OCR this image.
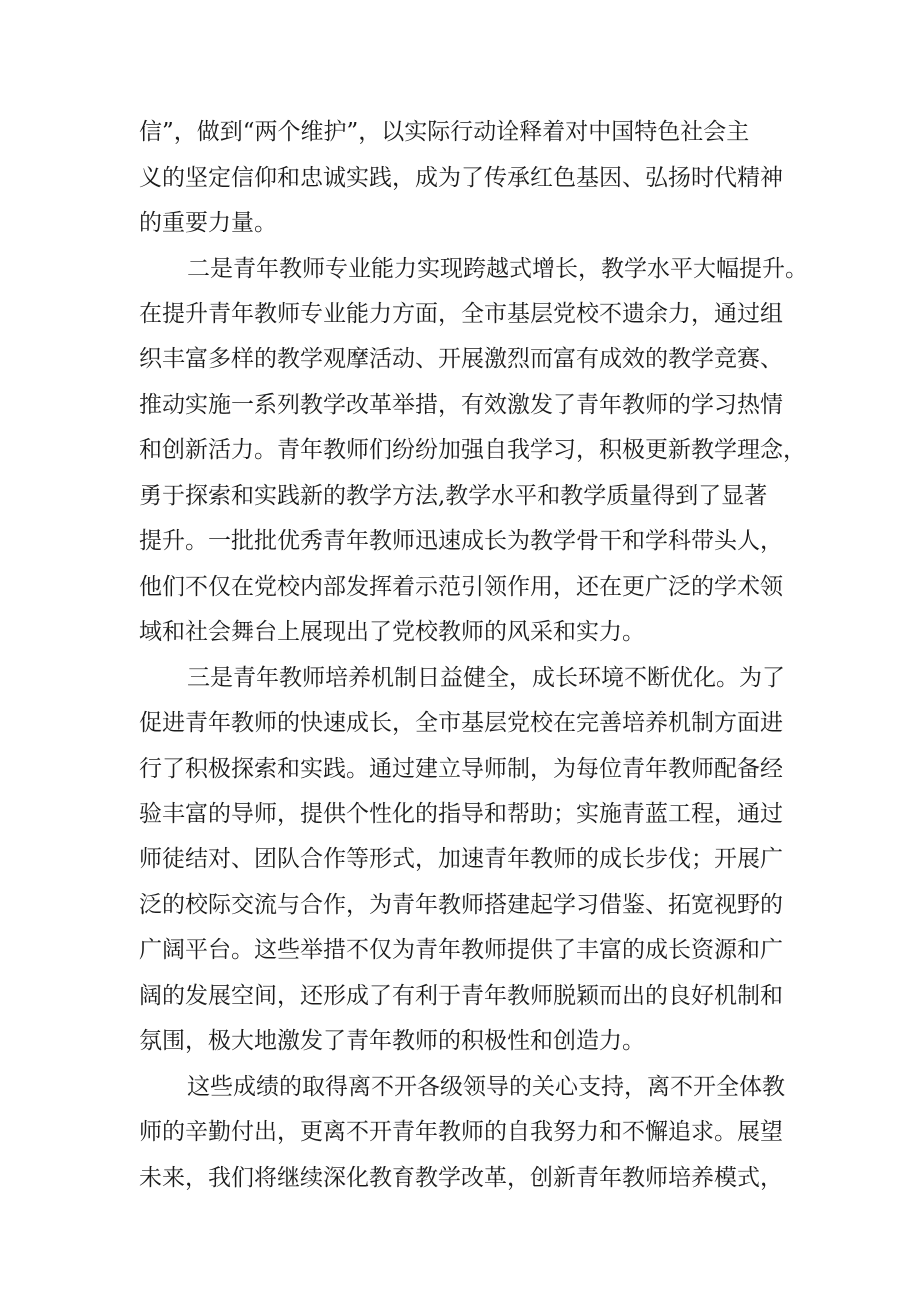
信”，做到“两个维护”，以实际行动诠释着对中国特色社会主
义的坚定信仰和忠诚实践，成为了传承红色基因、弘扬时代精神
的重要力量。
二是青年教师专业能力实现跨越式增长，教学水平大幅提升。
在提升青年教师专业能力方面，全市基层党校不遗余力，通过组
织丰富多样的教学观摩活动、开展激烈而富有成效的教学竞赛、
推动实施一系列教学改革举措，有效激发了青年教师的学习热情
和创新活力。青年教师们纷纷加强自我学习，积极更新教学理念，
勇于探索和实践新的教学方法,教学水平和教学质量得到了显著
提升。一批批优秀青年教师迅速成长为教学骨干和学科带头人，
他们不仅在党校内部发挥着示范引领作用，还在更广泛的学术领
域和社会舞台上展现出了党校教师的风采和实力。
三是青年教师培养机制日益健全，成长环境不断优化。为了
促进青年教师的快速成长，全市基层党校在完善培养机制方面进
行了积极探索和实践。通过建立导师制，为每位青年教师配备经
验丰富的导师，提供个性化的指导和帮助；实施青蓝工程，通过
师徒结对、团队合作等形式，加速青年教师的成长步伐；开展广
泛的校际交流与合作，为青年教师搭建起学习借鉴、拓宽视野的
广阔平台。这些举措不仅为青年教师提供了丰富的成长资源和广
阔的发展空间，还形成了有利于青年教师脱颖而出的良好机制和
氛围，极大地激发了青年教师的积极性和创造力。
这些成绩的取得离不开各级领导的关心支持，离不开全体教
师的辛勤付出，更离不开青年教师的自我努力和不懈追求。展望
未来，我们将继续深化教育教学改革，创新青年教师培养模式，
